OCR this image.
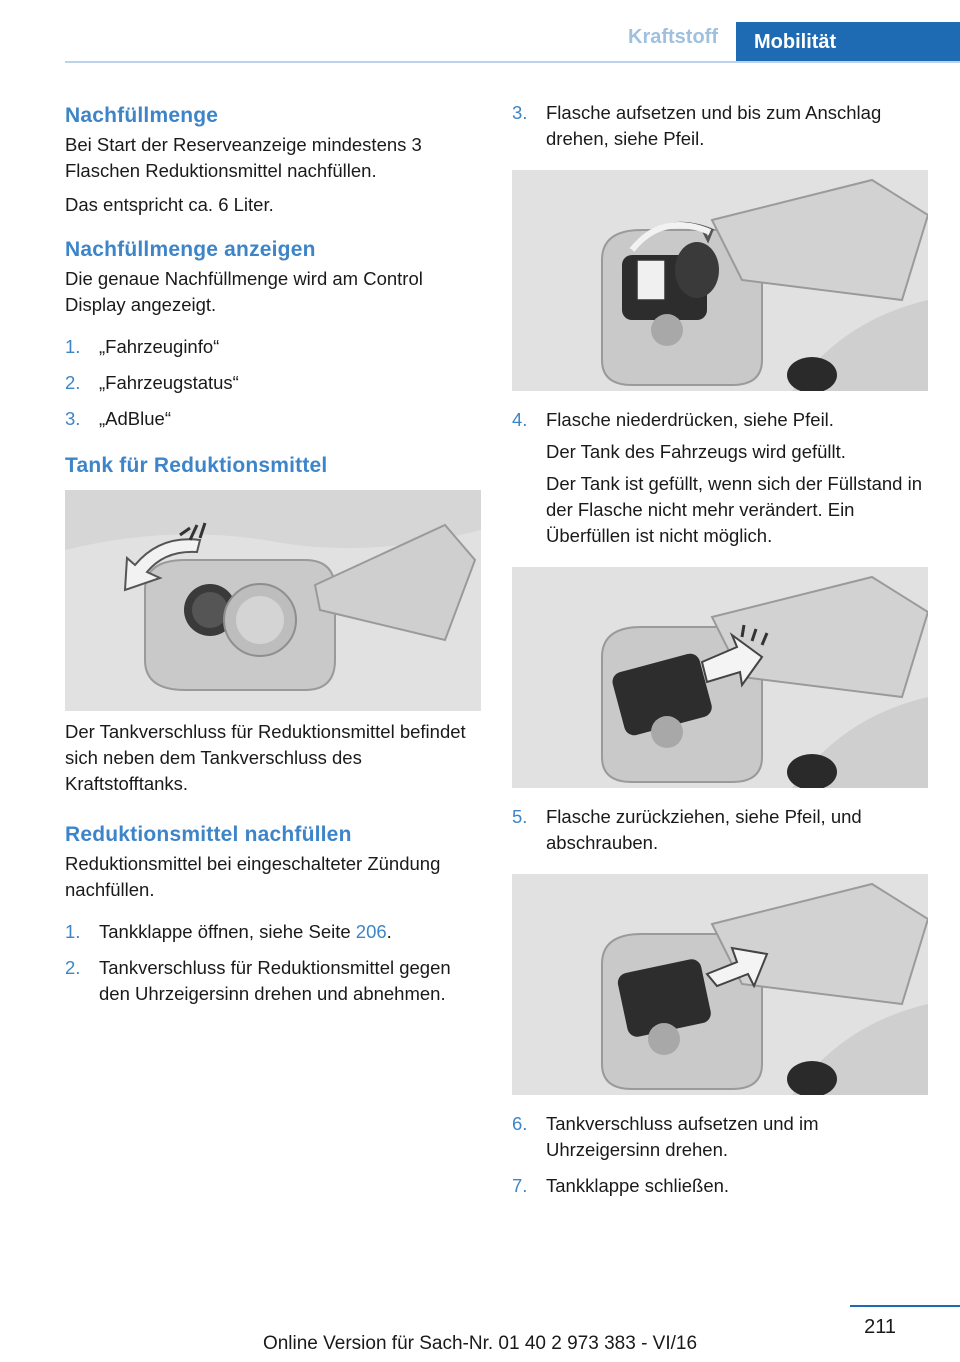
Kraftstoff	Mobilität
Nachfüllmenge

Bei Start der Reserveanzeige mindestens 3 Flaschen Reduktionsmittel nachfüllen.

Das entspricht ca. 6 Liter.

Nachfüllmenge anzeigen

Die genaue Nachfüllmenge wird am Control Display angezeigt.

1. „Fahrzeuginfo“
2. „Fahrzeugstatus“
3. „AdBlue“
Tank für Reduktionsmittel

Der Tankverschluss für Reduktionsmittel befindet sich neben dem Tankverschluss des Kraftstofftanks.

Reduktionsmittel nachfüllen

Reduktionsmittel bei eingeschalteter Zündung nachfüllen.

1. Tankklappe öffnen, siehe Seite 206.
2. Tankverschluss für Reduktionsmittel gegen den Uhrzeigersinn drehen und abnehmen.
3. Flasche aufsetzen und bis zum Anschlag drehen, siehe Pfeil.
4. Flasche niederdrücken, siehe Pfeil.
Der Tank des Fahrzeugs wird gefüllt.
Der Tank ist gefüllt, wenn sich der Füllstand in der Flasche nicht mehr verändert. Ein Überfüllen ist nicht möglich.
5. Flasche zurückziehen, siehe Pfeil, und abschrauben.
6. Tankverschluss aufsetzen und im Uhrzeigersinn drehen.
7. Tankklappe schließen.
211
Online Version für Sach-Nr. 01 40 2 973 383 - VI/16
